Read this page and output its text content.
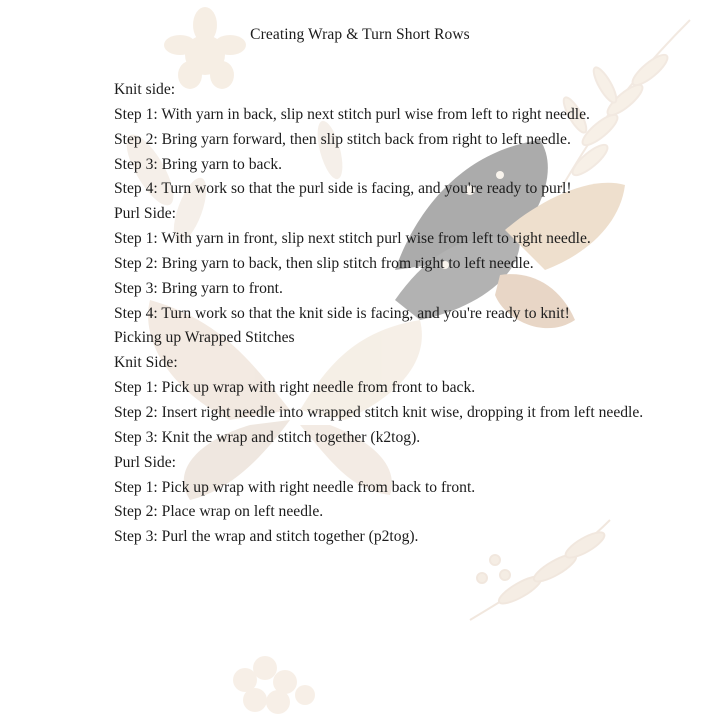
Creating Wrap & Turn Short Rows
Knit side:
Step 1: With yarn in back, slip next stitch purl wise from left to right needle.
Step 2: Bring yarn forward, then slip stitch back from right to left needle.
Step 3: Bring yarn to back.
Step 4: Turn work so that the purl side is facing, and you're ready to purl!
Purl Side:
Step 1: With yarn in front, slip next stitch purl wise from left to right needle.
Step 2: Bring yarn to back, then slip stitch from right to left needle.
Step 3: Bring yarn to front.
Step 4: Turn work so that the knit side is facing, and you're ready to knit!
Picking up Wrapped Stitches
Knit Side:
Step 1: Pick up wrap with right needle from front to back.
Step 2: Insert right needle into wrapped stitch knit wise, dropping it from left needle.
Step 3: Knit the wrap and stitch together (k2tog).
Purl Side:
Step 1: Pick up wrap with right needle from back to front.
Step 2: Place wrap on left needle.
Step 3: Purl the wrap and stitch together (p2tog).
